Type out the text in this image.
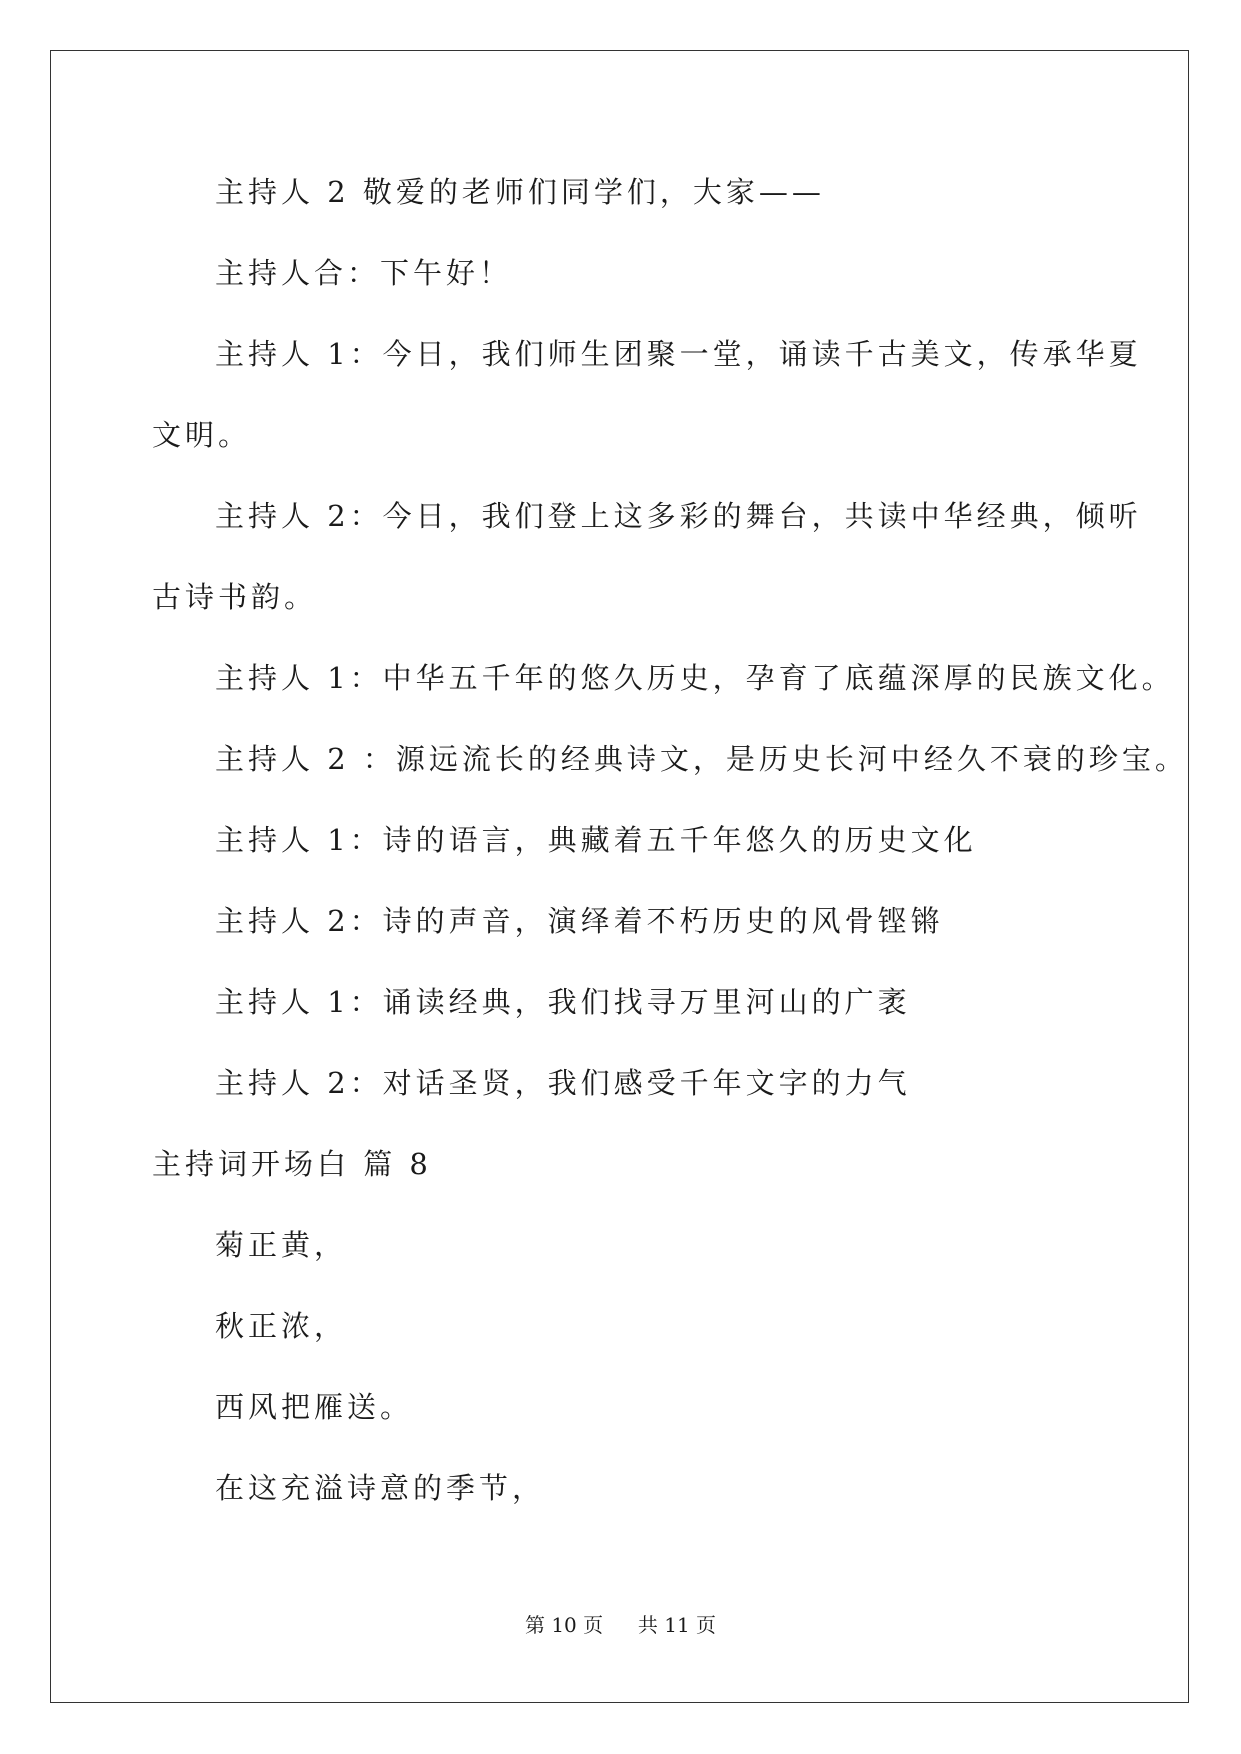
主持人 2 敬爱的老师们同学们，大家——
主持人合：下午好！
主持人 1：今日，我们师生团聚一堂，诵读千古美文，传承华夏
文明。
主持人 2：今日，我们登上这多彩的舞台，共读中华经典，倾听
古诗书韵。
主持人 1：中华五千年的悠久历史，孕育了底蕴深厚的民族文化。
主持人 2 ：源远流长的经典诗文，是历史长河中经久不衰的珍宝。
主持人 1：诗的语言，典藏着五千年悠久的历史文化
主持人 2：诗的声音，演绎着不朽历史的风骨铿锵
主持人 1：诵读经典，我们找寻万里河山的广袤
主持人 2：对话圣贤，我们感受千年文字的力气
主持词开场白 篇 8
菊正黄，
秋正浓，
西风把雁送。
在这充溢诗意的季节，
第 10 页 共 11 页
